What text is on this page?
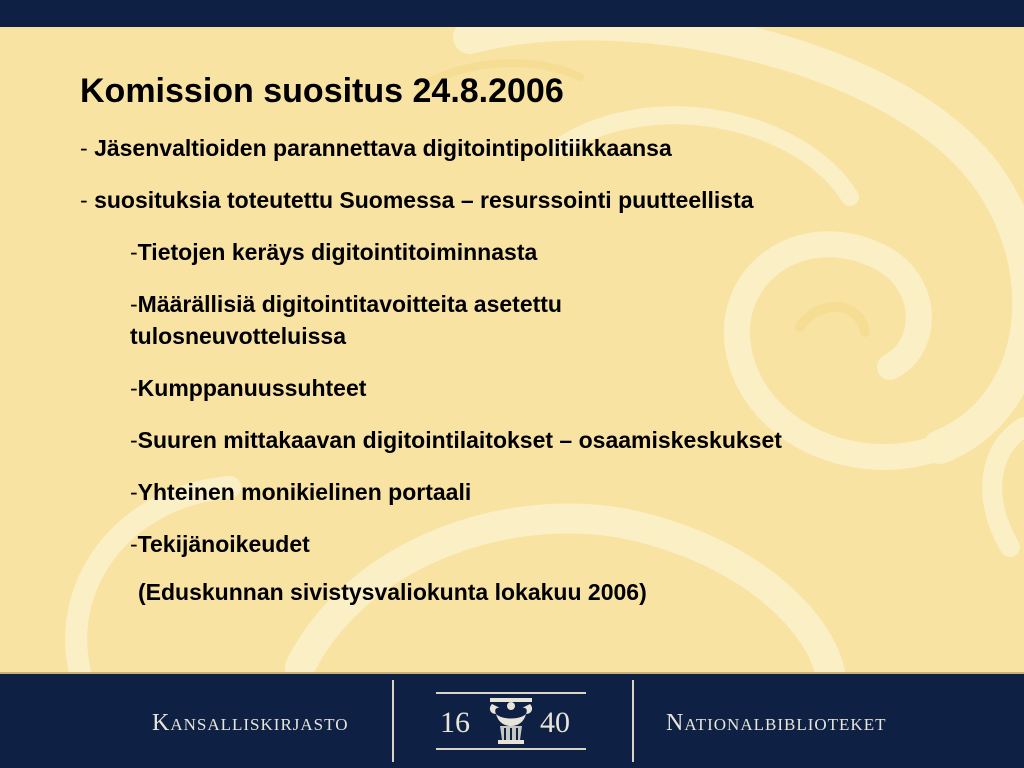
Komission suositus 24.8.2006
- Jäsenvaltioiden parannettava digitointipolitiikkaansa
- suosituksia toteutettu Suomessa – resurssointi puutteellista
-Tietojen keräys digitointitoiminnasta
-Määrällisiä digitointitavoitteita asetettu
tulosneuvotteluissa
-Kumppanuussuhteet
-Suuren mittakaavan digitointilaitokset – osaamiskeskukset
-Yhteinen monikielinen portaali
-Tekijänoikeudet
(Eduskunnan sivistysvaliokunta lokakuu 2006)
Kansalliskirjasto	16 40	Nationalbiblioteket
